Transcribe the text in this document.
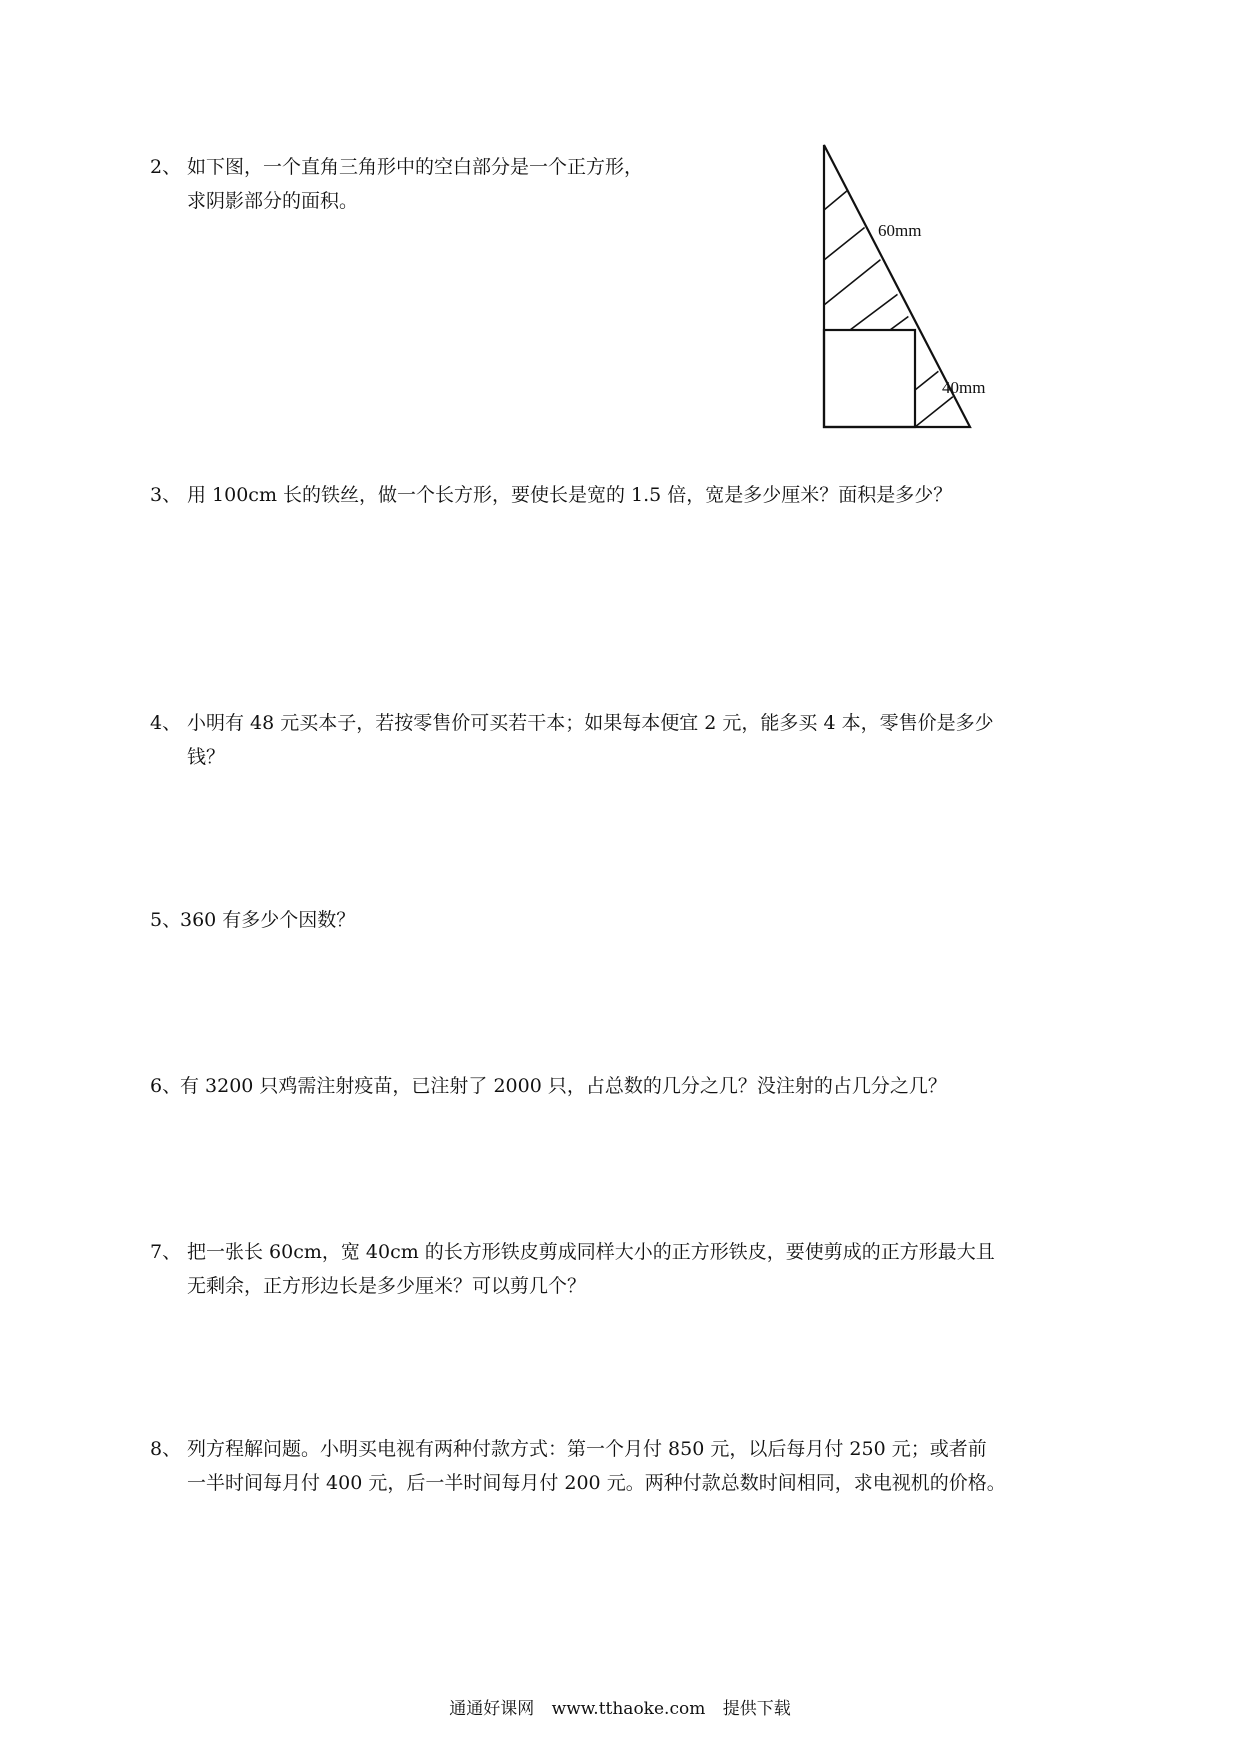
2、 如下图，一个直角三角形中的空白部分是一个正方形，
求阴影部分的面积。
60mm
40mm
3、 用 100cm 长的铁丝，做一个长方形，要使长是宽的 1.5 倍，宽是多少厘米？面积是多少？
4、 小明有 48 元买本子，若按零售价可买若干本；如果每本便宜 2 元，能多买 4 本，零售价是多少
钱？
5、
360 有多少个因数？
6、
有 3200 只鸡需注射疫苗，已注射了 2000 只，占总数的几分之几？没注射的占几分之几？
7、 把一张长 60cm，宽 40cm 的长方形铁皮剪成同样大小的正方形铁皮，要使剪成的正方形最大且
无剩余，正方形边长是多少厘米？可以剪几个？
8、 列方程解问题。小明买电视有两种付款方式：第一个月付 850 元，以后每月付 250 元；或者前
一半时间每月付 400 元，后一半时间每月付 200 元。两种付款总数时间相同，求电视机的价格。
通通好课网 www.tthaoke.com 提供下载
